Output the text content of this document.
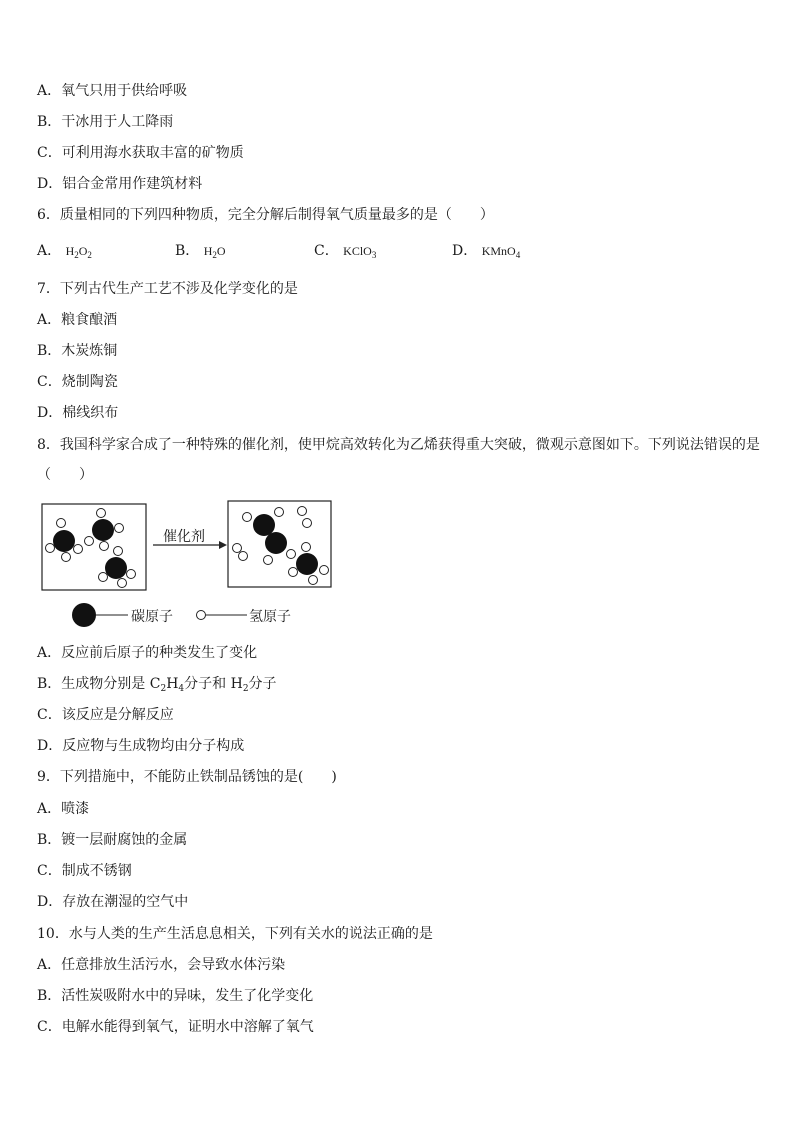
A．氧气只用于供给呼吸
B．干冰用于人工降雨
C．可利用海水获取丰富的矿物质
D．铝合金常用作建筑材料
6．质量相同的下列四种物质，完全分解后制得氧气质量最多的是（　　）
A． $H_2O_2$	B． $H_2O$	C． KClO$_3$	D． KMnO$_4$
7．下列古代生产工艺不涉及化学变化的是
A．粮食酿酒
B．木炭炼铜
C．烧制陶瓷
D．棉线织布
8．我国科学家合成了一种特殊的催化剂，使甲烷高效转化为乙烯获得重大突破，微观示意图如下。下列说法错误的是
（　　）
催化剂
碳原子	氢原子
A．反应前后原子的种类发生了变化
B．生成物分别是 $C_2H_4$分子和 $H_2$分子
C．该反应是分解反应
D．反应物与生成物均由分子构成
9．下列措施中，不能防止铁制品锈蚀的是(　　)
A．喷漆
B．镀一层耐腐蚀的金属
C．制成不锈钢
D．存放在潮湿的空气中
10．水与人类的生产生活息息相关，下列有关水的说法正确的是
A．任意排放生活污水，会导致水体污染
B．活性炭吸附水中的异味，发生了化学变化
C．电解水能得到氧气，证明水中溶解了氧气
